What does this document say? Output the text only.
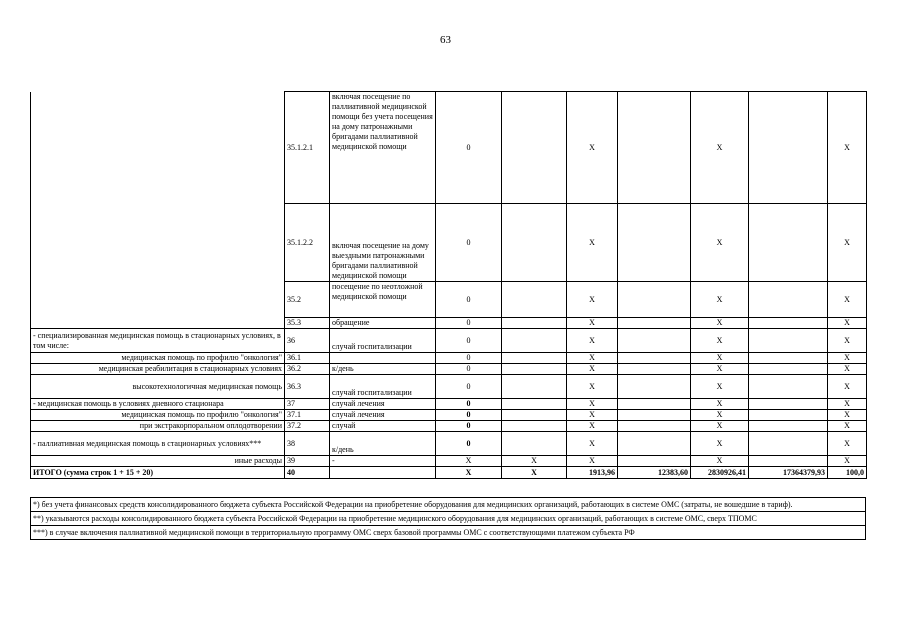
63
	35.1.2.1	включая посещение по паллиативной медицинской помощи без учета посещения на дому патронажными бригадами паллиативной медицинской помощи	0		X		X		X
	35.1.2.2	включая посещение на дому выездными патронажными бригадами паллиативной медицинской помощи	0		X		X		X
	35.2	посещение по неотложной медицинской помощи	0		X		X		X
	35.3	обращение	0		X		X		X
- специализированная медицинская помощь в стационарных условиях, в том числе:	36	случай госпитализации	0		X		X		X
медицинская помощь по профилю "онкология"	36.1		0		X		X		X
медицинская реабилитация в стационарных условиях	36.2	к/день	0		X		X		X
высокотехнологичная медицинская помощь	36.3	случай госпитализации	0		X		X		X
- медицинская помощь в условиях дневного стационара	37	случай лечения	0		X		X		X
медицинская помощь по профилю "онкология"	37.1	случай лечения	0		X		X		X
при экстракорпоральном оплодотворении	37.2	случай	0		X		X		X
- паллиативная медицинская помощь в стационарных условиях***	38	к/день	0		X		X		X
иные расходы	39	-	X	X	X		X		X
ИТОГО (сумма строк 1 + 15 + 20)	40		X	X	1913,96	12383,60	2830926,41	17364379,93	100,0
*) без учета финансовых средств консолидированного бюджета субъекта Российской Федерации на приобретение оборудования для медицинских организаций, работающих в системе ОМС (затраты, не вошедшие в тариф).
**) указываются расходы консолидированного бюджета субъекта Российской Федерации на приобретение медицинского оборудования для медицинских организаций, работающих в системе ОМС, сверх ТПОМС
***) в случае включения паллиативной медицинской помощи в территориальную программу ОМС сверх базовой программы ОМС с соответствующими платежом субъекта РФ
